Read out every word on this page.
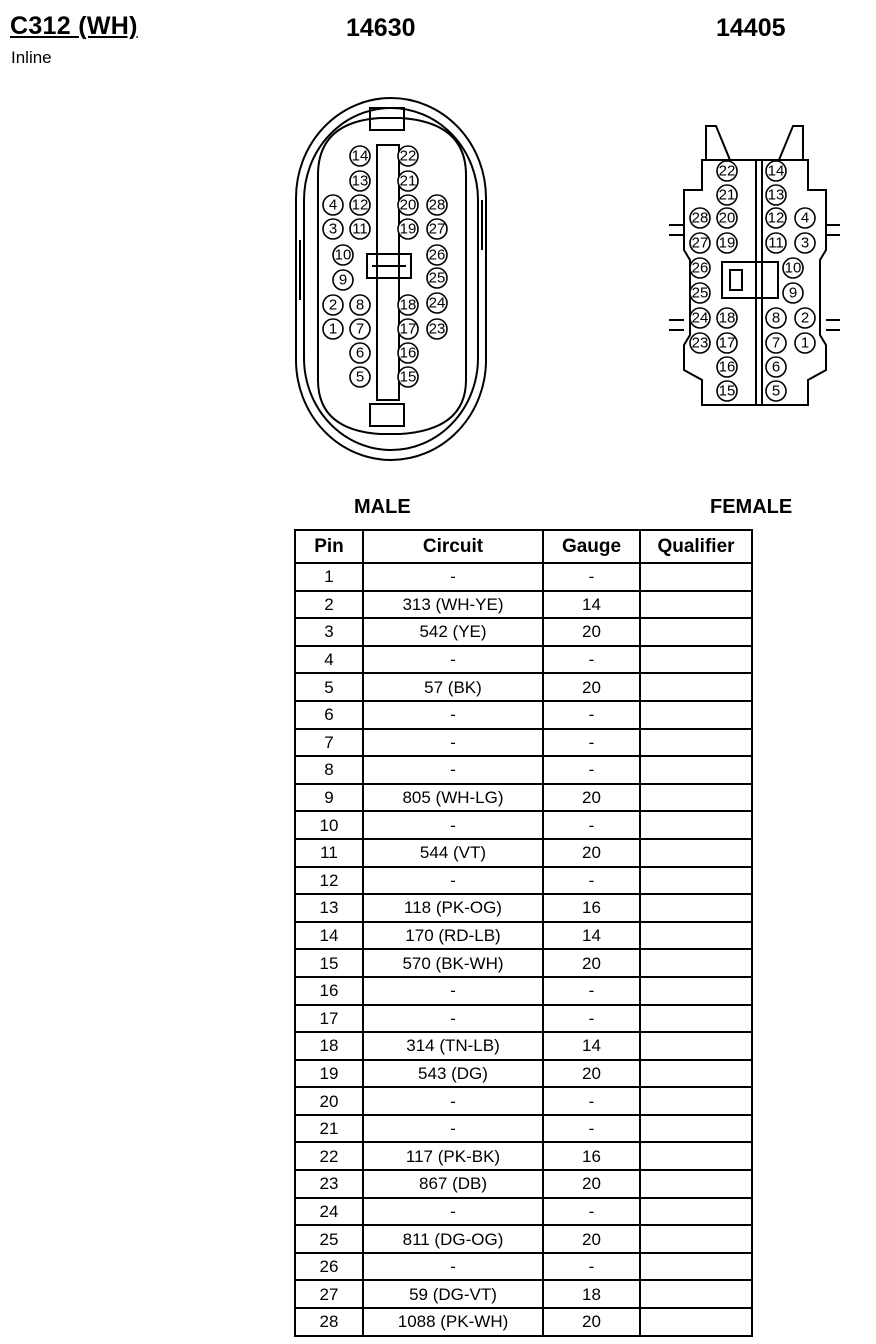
C312 (WH)
Inline
14630	14405
14 22
13 21
4 12 20 28
3 11 19 27
10	26
9	25
2 8 18 24
1 7 17 23
6 16
5 15
22 14
21 13
28 20 12 4
27 19 11 3
26	10
25	9
24 18 8 2
23 17 7 1
16 6
15 5
MALE	FEMALE
Pin	Circuit	Gauge	Qualifier
1	-	-	
2	313 (WH-YE)	14	
3	542 (YE)	20	
4	-	-	
5	57 (BK)	20	
6	-	-	
7	-	-	
8	-	-	
9	805 (WH-LG)	20	
10	-	-	
11	544 (VT)	20	
12	-	-	
13	118 (PK-OG)	16	
14	170 (RD-LB)	14	
15	570 (BK-WH)	20	
16	-	-	
17	-	-	
18	314 (TN-LB)	14	
19	543 (DG)	20	
20	-	-	
21	-	-	
22	117 (PK-BK)	16	
23	867 (DB)	20	
24	-	-	
25	811 (DG-OG)	20	
26	-	-	
27	59 (DG-VT)	18	
28	1088 (PK-WH)	20	
